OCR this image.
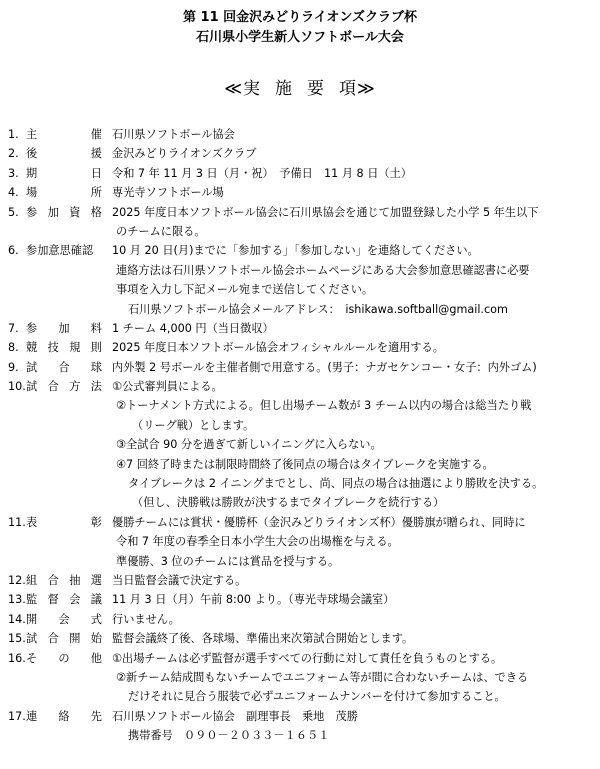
第 11 回金沢みどりライオンズクラブ杯
石川県小学生新人ソフトボール大会
≪実 施 要 項≫
1. 主	催 石川県ソフトボール協会
2. 後	援 金沢みどりライオンズクラブ
3. 期	日 令和 7 年 11 月 3 日（月・祝）　予備日　11 月 8 日（土）
4. 場	所 専光寺ソフトボール場
5. 参 加 資 格 2025 年度日本ソフトボール協会に石川県協会を通じて加盟登録した小学 5 年生以下
のチームに限る。
6. 参加意思確認	10 月 20 日(月)までに「参加する」「参加しない」を連絡してください。
連絡方法は石川県ソフトボール協会ホームページにある大会参加意思確認書に必要
事項を入力し下記メール宛まで送信してください。
石川県ソフトボール協会メールアドレス：　ishikawa.softball@gmail.com
7. 参 加 料 1 チーム 4,000 円（当日徴収）
8. 競 技 規 則 2025 年度日本ソフトボール協会オフィシャルルールを適用する。
9. 試 合 球 内外製 2 号ボールを主催者側で用意する。(男子：ナガセケンコー・女子：内外ゴム)
10. 試 合 方 法 ①公式審判員による。
②トーナメント方式による。但し出場チーム数が 3 チーム以内の場合は総当たり戦
（リーグ戦）とします。
③全試合 90 分を過ぎて新しいイニングに入らない。
④7 回終了時または制限時間終了後同点の場合はタイブレークを実施する。
タイブレークは 2 イニングまでとし、尚、同点の場合は抽選により勝敗を決する。
（但し、決勝戦は勝敗が決するまでタイブレークを続行する）
11. 表	彰 優勝チームには賞状・優勝杯（金沢みどりライオンズ杯）優勝旗が贈られ、同時に
令和 7 年度の春季全日本小学生大会の出場権を与える。
準優勝、3 位のチームには賞品を授与する。
12. 組 合 抽 選 当日監督会議で決定する。
13. 監 督 会 議 11 月 3 日（月）午前 8:00 より。（専光寺球場会議室）
14. 開 会 式 行いません。
15. 試 合 開 始 監督会議終了後、各球場、準備出来次第試合開始とします。
16. そ の 他 ①出場チームは必ず監督が選手すべての行動に対して責任を負うものとする。
②新チーム結成間もないチームでユニフォーム等が間に合わないチームは、できる
だけそれに見合う服装で必ずユニフォームナンバーを付けて参加すること。
17. 連 絡 先 石川県ソフトボール協会　副理事長　乗地　茂勝
携帯番号　０９０－２０３３－１６５１
